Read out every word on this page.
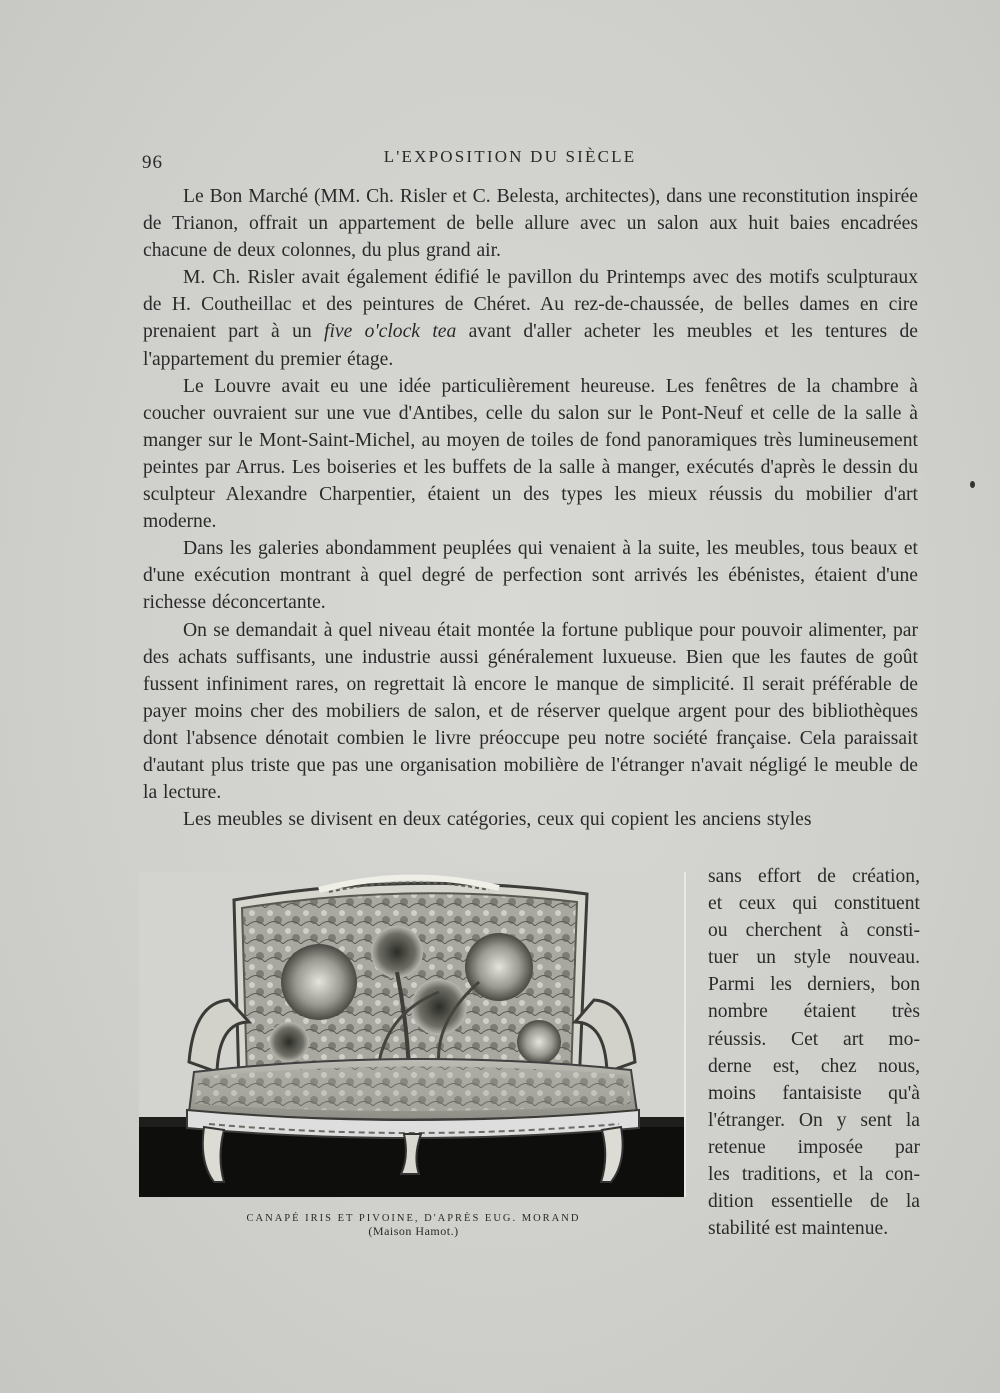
96	L'EXPOSITION DU SIÈCLE

Le Bon Marché (MM. Ch. Risler et C. Belesta, architectes), dans une reconstitution inspirée de Trianon, offrait un appartement de belle allure avec un salon aux huit baies encadrées chacune de deux colonnes, du plus grand air.

M. Ch. Risler avait également édifié le pavillon du Printemps avec des motifs sculpturaux de H. Coutheillac et des peintures de Chéret. Au rez-de-chaussée, de belles dames en cire prenaient part à un five o'clock tea avant d'aller acheter les meubles et les tentures de l'appartement du premier étage.

Le Louvre avait eu une idée particulièrement heureuse. Les fenêtres de la chambre à coucher ouvraient sur une vue d'Antibes, celle du salon sur le Pont-Neuf et celle de la salle à manger sur le Mont-Saint-Michel, au moyen de toiles de fond panoramiques très lumineusement peintes par Arrus. Les boiseries et les buffets de la salle à manger, exécutés d'après le dessin du sculpteur Alexandre Charpentier, étaient un des types les mieux réussis du mobilier d'art moderne.

Dans les galeries abondamment peuplées qui venaient à la suite, les meubles, tous beaux et d'une exécution montrant à quel degré de perfection sont arrivés les ébénistes, étaient d'une richesse déconcertante.

On se demandait à quel niveau était montée la fortune publique pour pouvoir alimenter, par des achats suffisants, une industrie aussi généralement luxueuse. Bien que les fautes de goût fussent infiniment rares, on regrettait là encore le manque de simplicité. Il serait préférable de payer moins cher des mobiliers de salon, et de réserver quelque argent pour des bibliothèques dont l'absence dénotait combien le livre préoccupe peu notre société française. Cela paraissait d'autant plus triste que pas une organisation mobilière de l'étranger n'avait négligé le meuble de la lecture.

Les meubles se divisent en deux catégories, ceux qui copient les anciens styles

sans effort de création,
et ceux qui constituent
ou cherchent à consti-
tuer un style nouveau.
Parmi les derniers, bon
nombre étaient très
réussis. Cet art mo-
derne est, chez nous,
moins fantaisiste qu'à
l'étranger. On y sent la
retenue imposée par
les traditions, et la con-
dition essentielle de la
stabilité est maintenue.
CANAPÉ IRIS ET PIVOINE, D'APRÈS EUG. MORAND
(Maison Hamot.)
